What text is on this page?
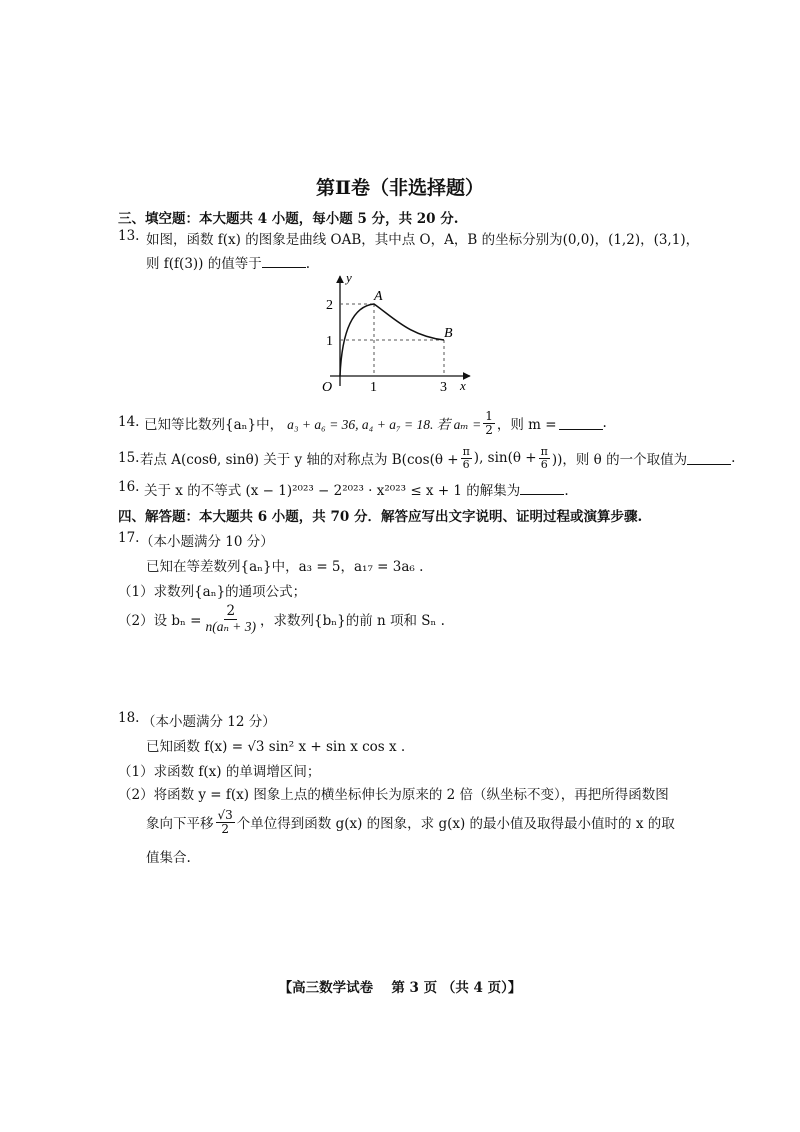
第Ⅱ卷（非选择题）
三、填空题：本大题共 4 小题，每小题 5 分，共 20 分.
13. 如图，函数 f(x) 的图象是曲线 OAB，其中点 O，A，B 的坐标分别为(0,0)，(1,2)，(3,1)，
则 f(f(3)) 的值等于	.
y
x
O	1	3
1
2
A
B
14. 已知等比数列{aₙ}中， a₃ + a₆ = 36, a₄ + a₇ = 18. 若 $a_m = \frac{1}{2}$ ，则 m =	.
15. 若点 A(cosθ, sinθ) 关于 y 轴的对称点为 $B(\cos(\theta + \frac{\pi}{6}$ ), $\sin(\theta + \frac{\pi}{6}$ ))，则 θ 的一个取值为	.
16. 关于 x 的不等式 (x − 1)²⁰²³ − 2²⁰²³ · x²⁰²³ ≤ x + 1 的解集为	.
四、解答题：本大题共 6 小题，共 70 分．解答应写出文字说明、证明过程或演算步骤.
17. （本小题满分 10 分）
已知在等差数列{aₙ}中，a₃ = 5，a₁₇ = 3a₆ .
（1）求数列{aₙ}的通项公式；
（2）设 $b_n = \frac{2}{\text{n(aₙ + 3)}}$ ，求数列{bₙ}的前 n 项和 Sₙ .
18. （本小题满分 12 分）
已知函数 f(x) = √3 sin² x + sin x cos x .
（1）求函数 f(x) 的单调增区间；
（2）将函数 y = f(x) 图象上点的横坐标伸长为原来的 2 倍（纵坐标不变），再把所得函数图
象向下平移 $\frac{√3}{2}$ 个单位得到函数 g(x) 的图象，求 g(x) 的最小值及取得最小值时的 x 的取
值集合.
【高三数学试卷　 第 3 页 （共 4 页）】
